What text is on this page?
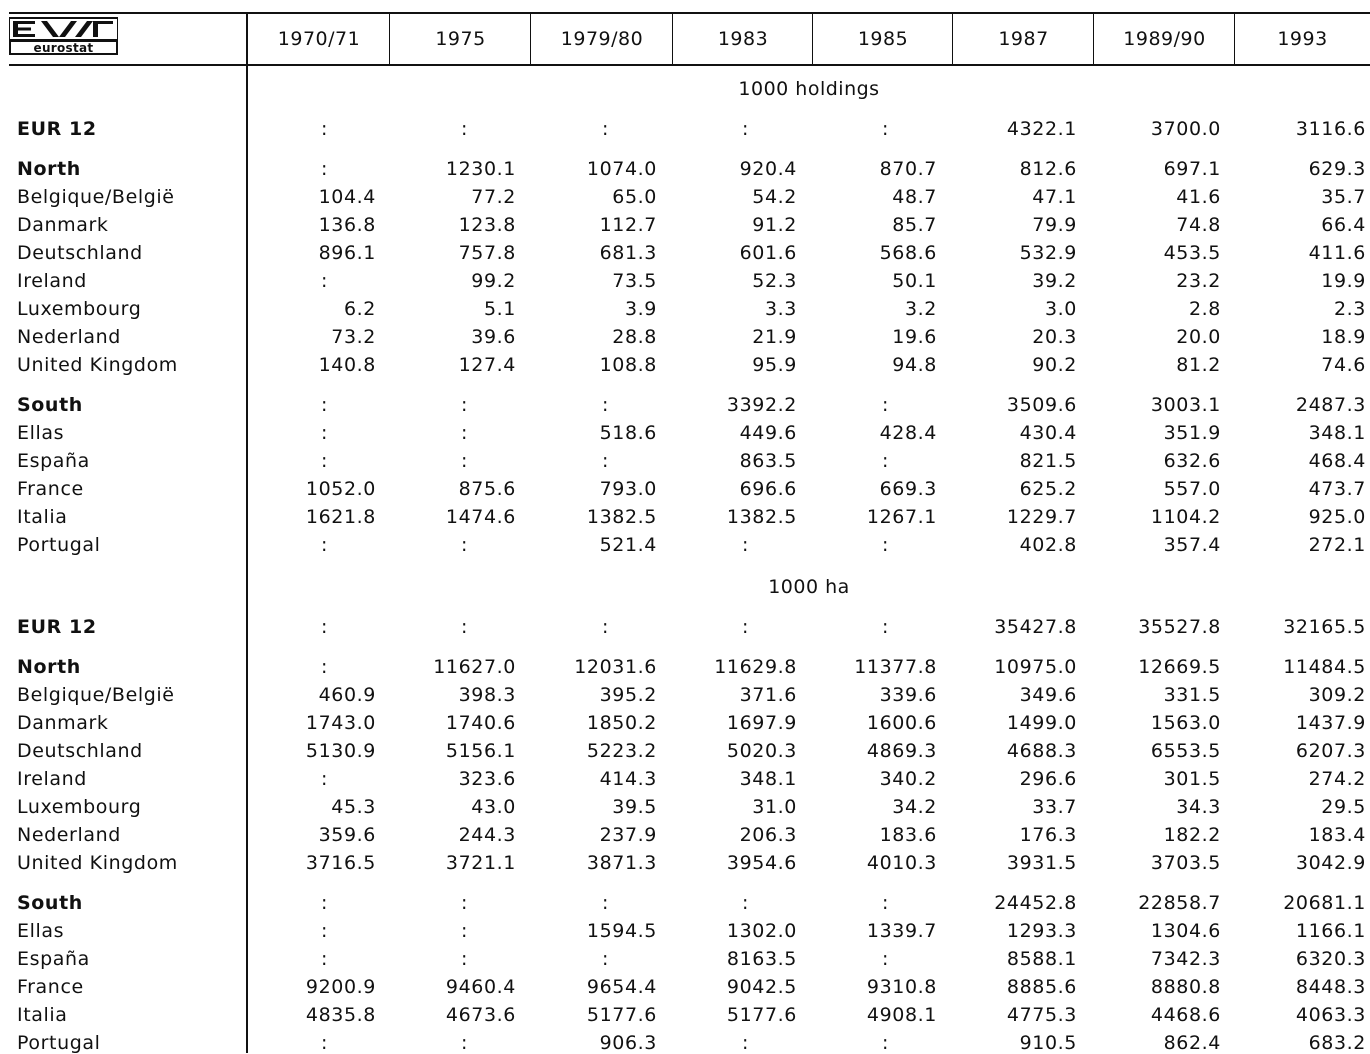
eurostat	1970/71	1975	1979/80	1983	1985	1987	1989/90	1993
1000 holdings
EUR 12	:	:	:	:	:	4322.1	3700.0	3116.6
North	:	1230.1	1074.0	920.4	870.7	812.6	697.1	629.3
Belgique/België	104.4	77.2	65.0	54.2	48.7	47.1	41.6	35.7
Danmark	136.8	123.8	112.7	91.2	85.7	79.9	74.8	66.4
Deutschland	896.1	757.8	681.3	601.6	568.6	532.9	453.5	411.6
Ireland	:	99.2	73.5	52.3	50.1	39.2	23.2	19.9
Luxembourg	6.2	5.1	3.9	3.3	3.2	3.0	2.8	2.3
Nederland	73.2	39.6	28.8	21.9	19.6	20.3	20.0	18.9
United Kingdom	140.8	127.4	108.8	95.9	94.8	90.2	81.2	74.6
South	:	:	:	3392.2	:	3509.6	3003.1	2487.3
Ellas	:	:	518.6	449.6	428.4	430.4	351.9	348.1
España	:	:	:	863.5	:	821.5	632.6	468.4
France	1052.0	875.6	793.0	696.6	669.3	625.2	557.0	473.7
Italia	1621.8	1474.6	1382.5	1382.5	1267.1	1229.7	1104.2	925.0
Portugal	:	:	521.4	:	:	402.8	357.4	272.1
1000 ha
EUR 12	:	:	:	:	:	35427.8	35527.8	32165.5
North	:	11627.0	12031.6	11629.8	11377.8	10975.0	12669.5	11484.5
Belgique/België	460.9	398.3	395.2	371.6	339.6	349.6	331.5	309.2
Danmark	1743.0	1740.6	1850.2	1697.9	1600.6	1499.0	1563.0	1437.9
Deutschland	5130.9	5156.1	5223.2	5020.3	4869.3	4688.3	6553.5	6207.3
Ireland	:	323.6	414.3	348.1	340.2	296.6	301.5	274.2
Luxembourg	45.3	43.0	39.5	31.0	34.2	33.7	34.3	29.5
Nederland	359.6	244.3	237.9	206.3	183.6	176.3	182.2	183.4
United Kingdom	3716.5	3721.1	3871.3	3954.6	4010.3	3931.5	3703.5	3042.9
South	:	:	:	:	:	24452.8	22858.7	20681.1
Ellas	:	:	1594.5	1302.0	1339.7	1293.3	1304.6	1166.1
España	:	:	:	8163.5	:	8588.1	7342.3	6320.3
France	9200.9	9460.4	9654.4	9042.5	9310.8	8885.6	8880.8	8448.3
Italia	4835.8	4673.6	5177.6	5177.6	4908.1	4775.3	4468.6	4063.3
Portugal	:	:	906.3	:	:	910.5	862.4	683.2
